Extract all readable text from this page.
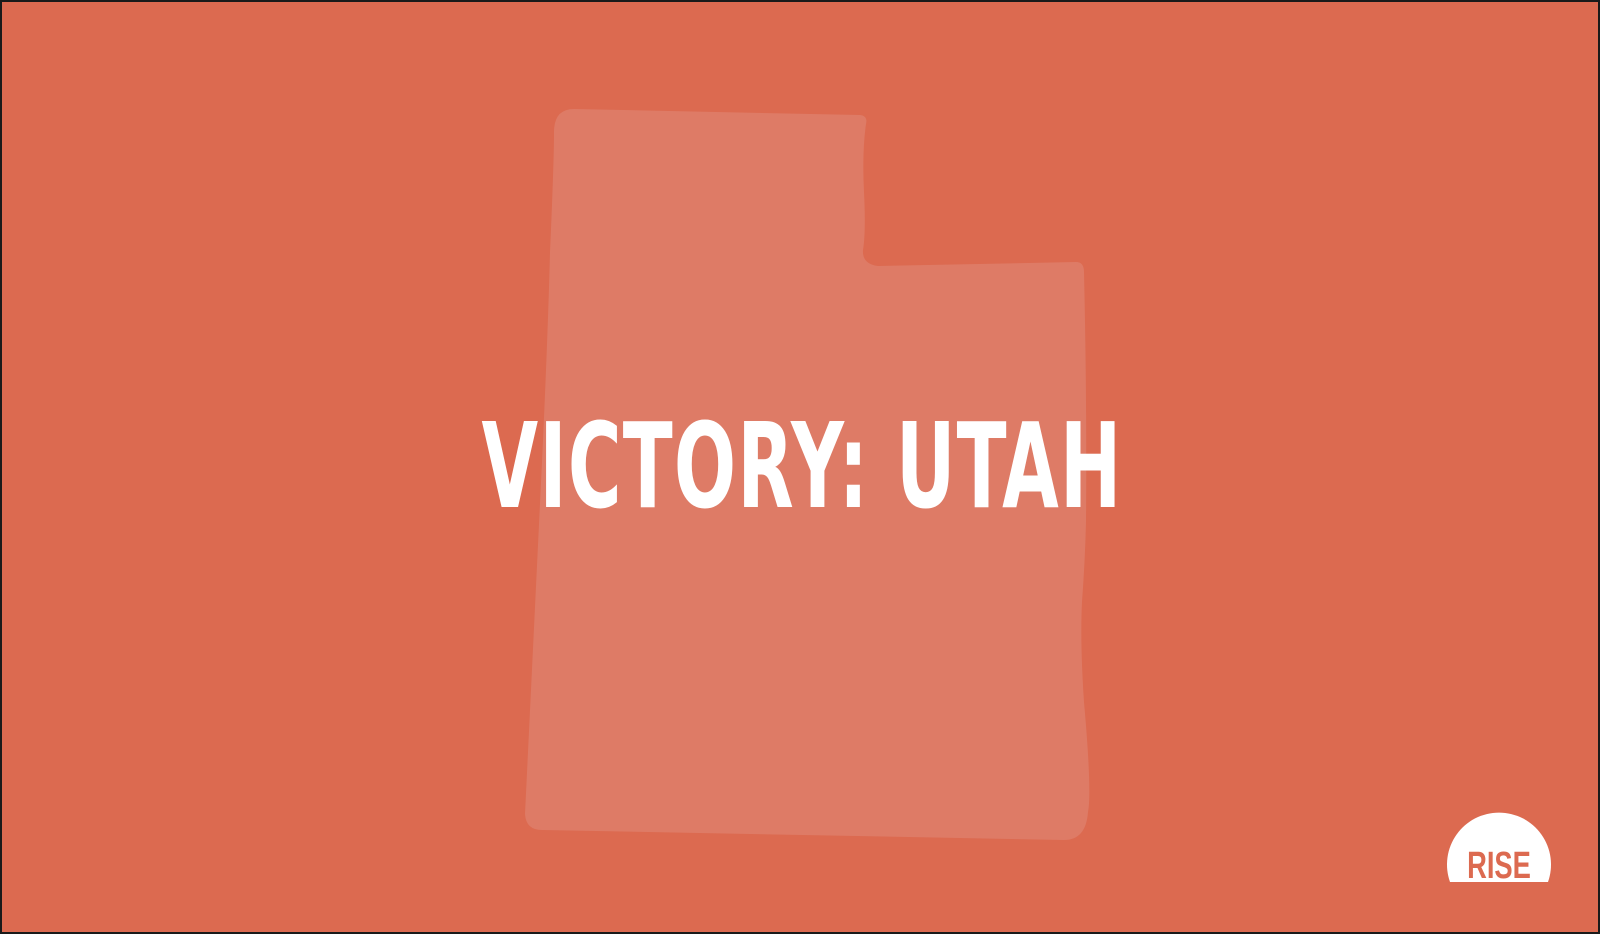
VICTORY: UTAH
RISE
